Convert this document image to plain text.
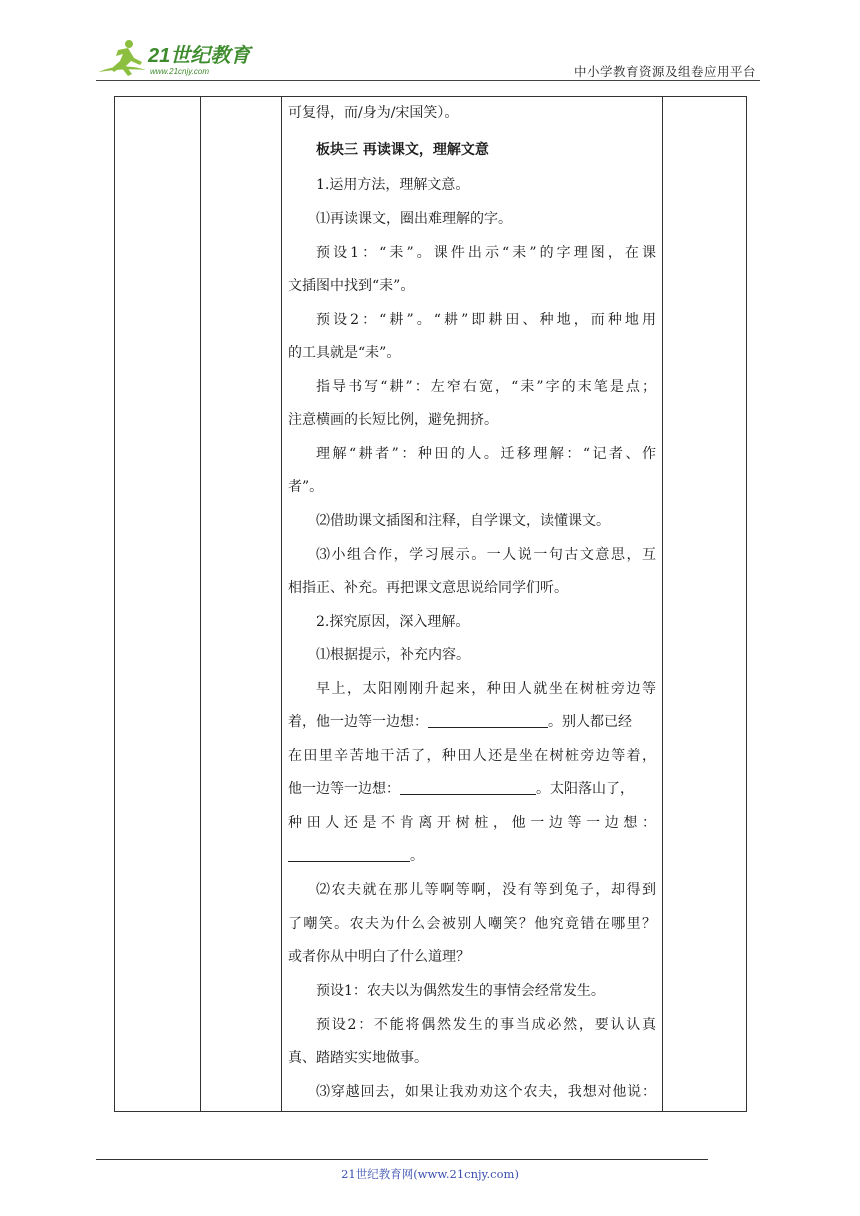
21世纪教育
www.21cnjy.com	中小学教育资源及组卷应用平台
可复得，而/身为/宋国笑）。
板块三 再读课文，理解文意
1.运用方法，理解文意。
⑴再读课文，圈出难理解的字。
预设1：“耒”。课件出示“耒”的字理图，在课
文插图中找到“耒”。
预设2：“耕”。“耕”即耕田、种地，而种地用
的工具就是“耒”。
指导书写“耕”：左窄右宽，“耒”字的末笔是点；
注意横画的长短比例，避免拥挤。
理解“耕者”：种田的人。迁移理解：“记者、作
者”。
⑵借助课文插图和注释，自学课文，读懂课文。
⑶小组合作，学习展示。一人说一句古文意思，互
相指正、补充。再把课文意思说给同学们听。
2.探究原因，深入理解。
⑴根据提示，补充内容。
早上，太阳刚刚升起来，种田人就坐在树桩旁边等
着，他一边等一边想：	。别人都已经
在田里辛苦地干活了，种田人还是坐在树桩旁边等着，
他一边等一边想：	。太阳落山了，
种田人还是不肯离开树桩，他一边等一边想：
。
⑵农夫就在那儿等啊等啊，没有等到兔子，却得到
了嘲笑。农夫为什么会被别人嘲笑？他究竟错在哪里？
或者你从中明白了什么道理？
预设1：农夫以为偶然发生的事情会经常发生。
预设2：不能将偶然发生的事当成必然，要认认真
真、踏踏实实地做事。
⑶穿越回去，如果让我劝劝这个农夫，我想对他说：
21世纪教育网(www.21cnjy.com)
